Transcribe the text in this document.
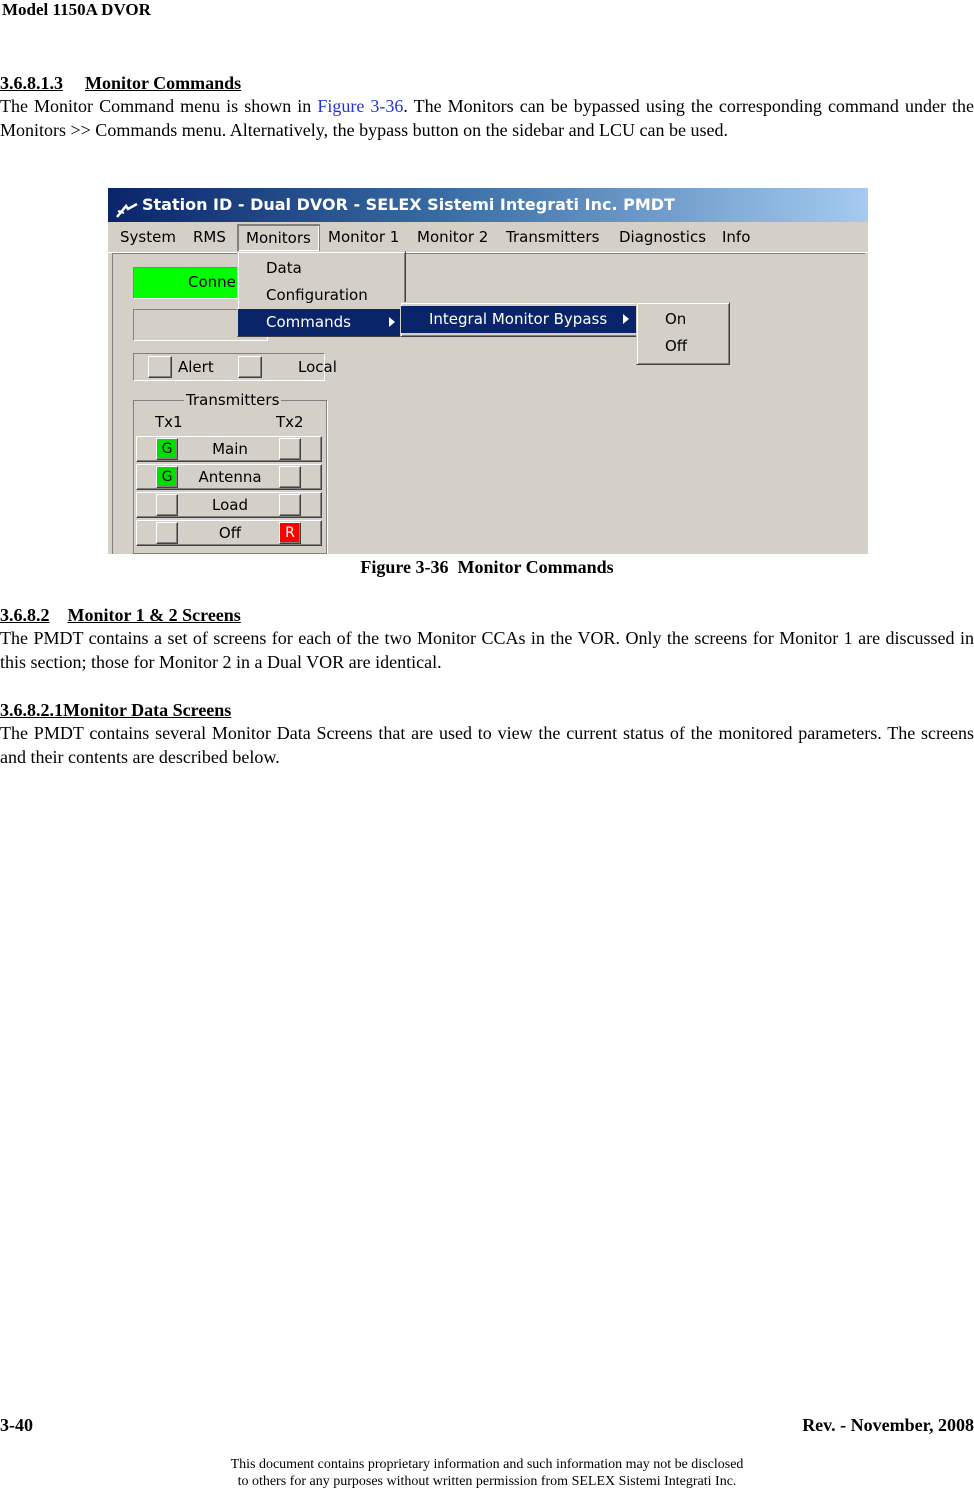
Model 1150A DVOR
3.6.8.1.3 Monitor Commands
The Monitor Command menu is shown in Figure 3-36. The Monitors can be bypassed using the corresponding command under the Monitors >> Commands menu. Alternatively, the bypass button on the sidebar and LCU can be used.
Station ID - Dual DVOR - SELEX Sistemi Integrati Inc. PMDT
System RMS	Monitors	Monitor 1 Monitor 2 Transmitters Diagnostics Info
Conne
Alert	Local
Transmitters
Tx1	Tx2
G	Main
G	Antenna
Load
Off	R
Data
Configuration
Commands	Integral Monitor Bypass	On
Off
Figure 3-36 Monitor Commands
3.6.8.2 Monitor 1 & 2 Screens
The PMDT contains a set of screens for each of the two Monitor CCAs in the VOR. Only the screens for Monitor 1 are discussed in this section; those for Monitor 2 in a Dual VOR are identical.
3.6.8.2.1Monitor Data Screens
The PMDT contains several Monitor Data Screens that are used to view the current status of the monitored parameters. The screens and their contents are described below.
3-40	Rev. - November, 2008
This document contains proprietary information and such information may not be disclosed
to others for any purposes without written permission from SELEX Sistemi Integrati Inc.
